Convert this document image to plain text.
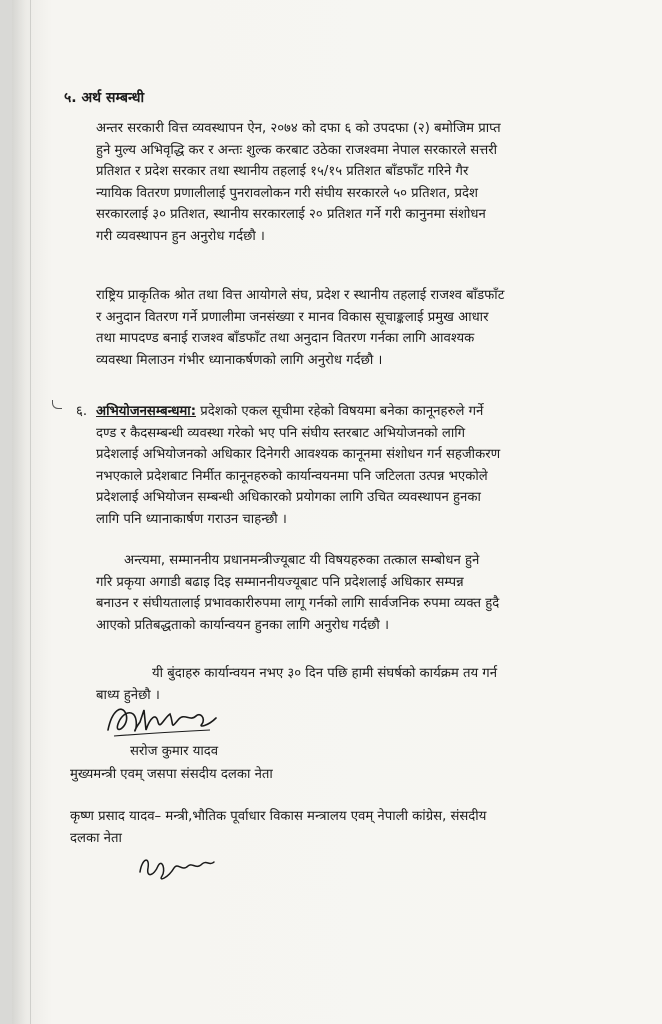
५. अर्थ सम्बन्धी
अन्तर सरकारी वित्त व्यवस्थापन ऐन, २०७४ को दफा ६ को उपदफा (२) बमोजिम प्राप्त
हुने मुल्य अभिवृद्धि कर र अन्तः शुल्क करबाट उठेका राजश्वमा नेपाल सरकारले सत्तरी
प्रतिशत र प्रदेश सरकार तथा स्थानीय तहलाई १५/१५ प्रतिशत बाँडफाँट गरिने गैर
न्यायिक वितरण प्रणालीलाई पुनरावलोकन गरी संघीय सरकारले ५० प्रतिशत, प्रदेश
सरकारलाई ३० प्रतिशत, स्थानीय सरकारलाई २० प्रतिशत गर्ने गरी कानुनमा संशोधन
गरी व्यवस्थापन हुन अनुरोध गर्दछौ ।
राष्ट्रिय प्राकृतिक श्रोत तथा वित्त आयोगले संघ, प्रदेश र स्थानीय तहलाई राजश्व बाँडफाँट
र अनुदान वितरण गर्ने प्रणालीमा जनसंख्या र मानव विकास सूचाङ्कलाई प्रमुख आधार
तथा मापदण्ड बनाई राजश्व बाँडफाँट तथा अनुदान वितरण गर्नका लागि आवश्यक
व्यवस्था मिलाउन गंभीर ध्यानाकर्षणको लागि अनुरोध गर्दछौ ।
६. अभियोजनसम्बन्धमा: प्रदेशको एकल सूचीमा रहेको विषयमा बनेका कानूनहरुले गर्ने
दण्ड र कैदसम्बन्धी व्यवस्था गरेको भए पनि संघीय स्तरबाट अभियोजनको लागि
प्रदेशलाई अभियोजनको अधिकार दिनेगरी आवश्यक कानूनमा संशोधन गर्न सहजीकरण
नभएकाले प्रदेशबाट निर्मीत कानूनहरुको कार्यान्वयनमा पनि जटिलता उत्पन्न भएकोले
प्रदेशलाई अभियोजन सम्बन्धी अधिकारको प्रयोगका लागि उचित व्यवस्थापन हुनका
लागि पनि ध्यानाकार्षण गराउन चाहन्छौ ।
अन्त्यमा, सम्माननीय प्रधानमन्त्रीज्यूबाट यी विषयहरुका तत्काल सम्बोधन हुने
गरि प्रकृया अगाडी बढाइ दिइ सम्माननीयज्यूबाट पनि प्रदेशलाई अधिकार सम्पन्न
बनाउन र संघीयतालाई प्रभावकारीरुपमा लागू गर्नको लागि सार्वजनिक रुपमा व्यक्त हुदै
आएको प्रतिबद्धताको कार्यान्वयन हुनका लागि अनुरोध गर्दछौ ।
यी बुंदाहरु कार्यान्वयन नभए ३० दिन पछि हामी संघर्षको कार्यक्रम तय गर्न
बाध्य हुनेछौ ।
सरोज कुमार यादव
मुख्यमन्त्री एवम् जसपा संसदीय दलका नेता
कृष्ण प्रसाद यादव– मन्त्री,भौतिक पूर्वाधार विकास मन्त्रालय एवम् नेपाली कांग्रेस, संसदीय
दलका नेता
